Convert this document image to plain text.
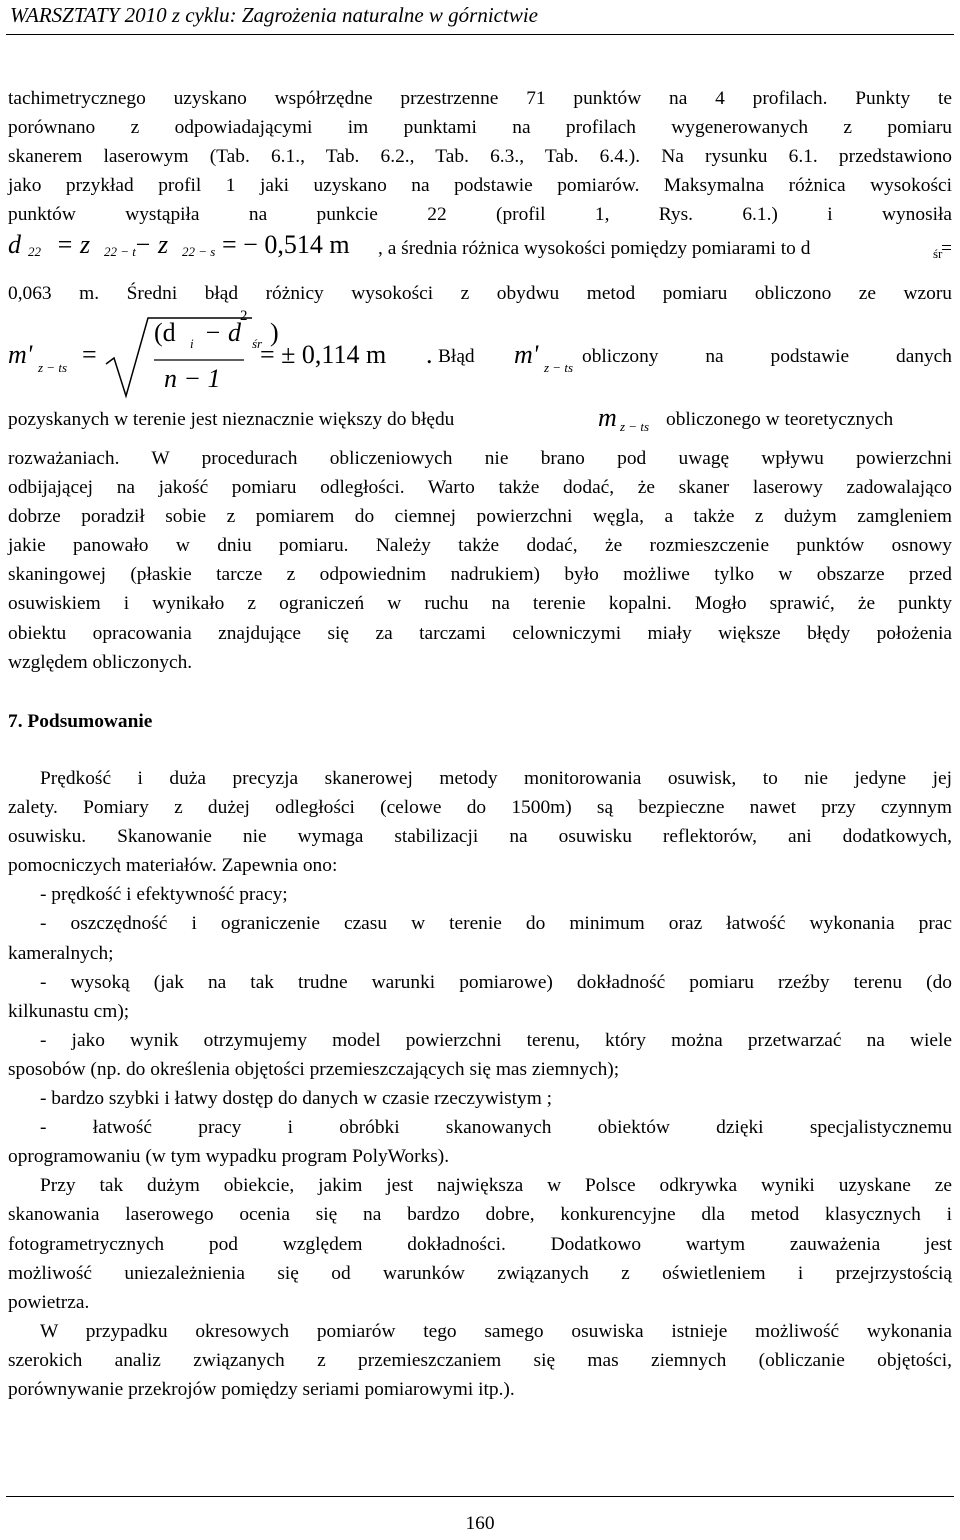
WARSZTATY 2010 z cyklu: Zagrożenia naturalne w górnictwie
tachimetrycznego uzyskano współrzędne przestrzenne 71 punktów na 4 profilach. Punkty te
porównano z odpowiadającymi im punktami na profilach wygenerowanych z pomiaru
skanerem laserowym (Tab. 6.1., Tab. 6.2., Tab. 6.3., Tab. 6.4.). Na rysunku 6.1. przedstawiono
jako przykład profil 1 jaki uzyskano na podstawie pomiarów. Maksymalna różnica wysokości
punktów wystąpiła na punkcie 22 (profil 1, Rys. 6.1.) i wynosiła
d 22 = z 22 − t
− z 22 − s = − 0,514 m , a średnia różnica wysokości pomiędzy pomiarami to d	śr
=
0,063 m. Średni błąd różnicy wysokości z obydwu metod pomiaru obliczono ze wzoru
m' z − ts =
(d i − d śr )
2
n − 1
= ± 0,114 m . Błąd m' z − ts
obliczony na podstawie danych
pozyskanych w terenie jest nieznacznie większy do błędu	m z − ts obliczonego w teoretycznych
rozważaniach. W procedurach obliczeniowych nie brano pod uwagę wpływu powierzchni
odbijającej na jakość pomiaru odległości. Warto także dodać, że skaner laserowy zadowalająco
dobrze poradził sobie z pomiarem do ciemnej powierzchni węgla, a także z dużym zamgleniem
jakie panowało w dniu pomiaru. Należy także dodać, że rozmieszczenie punktów osnowy
skaningowej (płaskie tarcze z odpowiednim nadrukiem) było możliwe tylko w obszarze przed
osuwiskiem i wynikało z ograniczeń w ruchu na terenie kopalni. Mogło sprawić, że punkty
obiektu opracowania znajdujące się za tarczami celowniczymi miały większe błędy położenia
względem obliczonych.
7. Podsumowanie
Prędkość i duża precyzja skanerowej metody monitorowania osuwisk, to nie jedyne jej
zalety. Pomiary z dużej odległości (celowe do 1500m) są bezpieczne nawet przy czynnym
osuwisku. Skanowanie nie wymaga stabilizacji na osuwisku reflektorów, ani dodatkowych,
pomocniczych materiałów. Zapewnia ono:
- prędkość i efektywność pracy;
- oszczędność i ograniczenie czasu w terenie do minimum oraz łatwość wykonania prac
kameralnych;
- wysoką (jak na tak trudne warunki pomiarowe) dokładność pomiaru rzeźby terenu (do
kilkunastu cm);
- jako wynik otrzymujemy model powierzchni terenu, który można przetwarzać na wiele
sposobów (np. do określenia objętości przemieszczających się mas ziemnych);
- bardzo szybki i łatwy dostęp do danych w czasie rzeczywistym ;
- łatwość pracy i obróbki skanowanych obiektów dzięki specjalistycznemu
oprogramowaniu (w tym wypadku program PolyWorks).
Przy tak dużym obiekcie, jakim jest największa w Polsce odkrywka wyniki uzyskane ze
skanowania laserowego ocenia się na bardzo dobre, konkurencyjne dla metod klasycznych i
fotogrametrycznych pod względem dokładności. Dodatkowo wartym zauważenia jest
możliwość uniezależnienia się od warunków związanych z oświetleniem i przejrzystością
powietrza.
W przypadku okresowych pomiarów tego samego osuwiska istnieje możliwość wykonania
szerokich analiz związanych z przemieszczaniem się mas ziemnych (obliczanie objętości,
porównywanie przekrojów pomiędzy seriami pomiarowymi itp.).
160
